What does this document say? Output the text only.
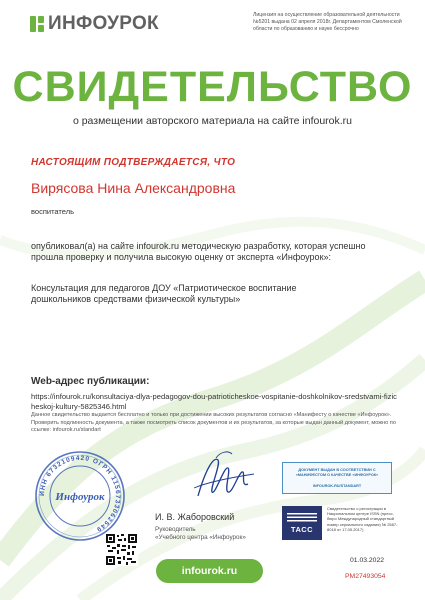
ИНФОУРОК	Лицензия на осуществление образовательной деятельности №5201 выдана 02 апреля 2018г. Департаментом Смоленской области по образованию и науке бессрочно
СВИДЕТЕЛЬСТВО
о размещении авторского материала на сайте infourok.ru
НАСТОЯЩИМ ПОДТВЕРЖДАЕТСЯ, ЧТО
Вирясова Нина Александровна
воспитатель
опубликовал(а) на сайте infourok.ru методическую разработку, которая успешно прошла проверку и получила высокую оценку от эксперта «Инфоурок»:
Консультация для педагогов ДОУ «Патриотическое воспитание дошкольников средствами физической культуры»
Web-адрес публикации:
https://infourok.ru/konsultaciya-dlya-pedagogov-dou-patrioticheskoe-vospitanie-doshkolnikov-sredstvami-fizicheskoj-kultury-5825346.html
Данное свидетельство выдается бесплатно и только при достижении высоких результатов согласно «Манифесту о качестве «Инфоурок». Проверить подлинность документа, а также посмотреть список документов и их результатов, за которые выдан данный документ, можно по ссылке: infourok.ru/standart
ИНН 6732109420 ОГРН 1156733062549
Инфоурок
И. В. Жаборовский
Руководитель
«Учебного центра «Инфоурок»
ДОКУМЕНТ ВЫДАН В СООТВЕТСТВИИ С
«МАНИФЕСТОМ О КАЧЕСТВЕ «ИНФОУРОК»
INFOUROK.RU/STANDART
ТАСС
Свидетельство о регистрации в Национальном центре ISSN (пресс-бюро Международный стандартный номер сериального издания) № 2587-8018 от 17.05.2017)
01.03.2022
PM27493054
infourok.ru
